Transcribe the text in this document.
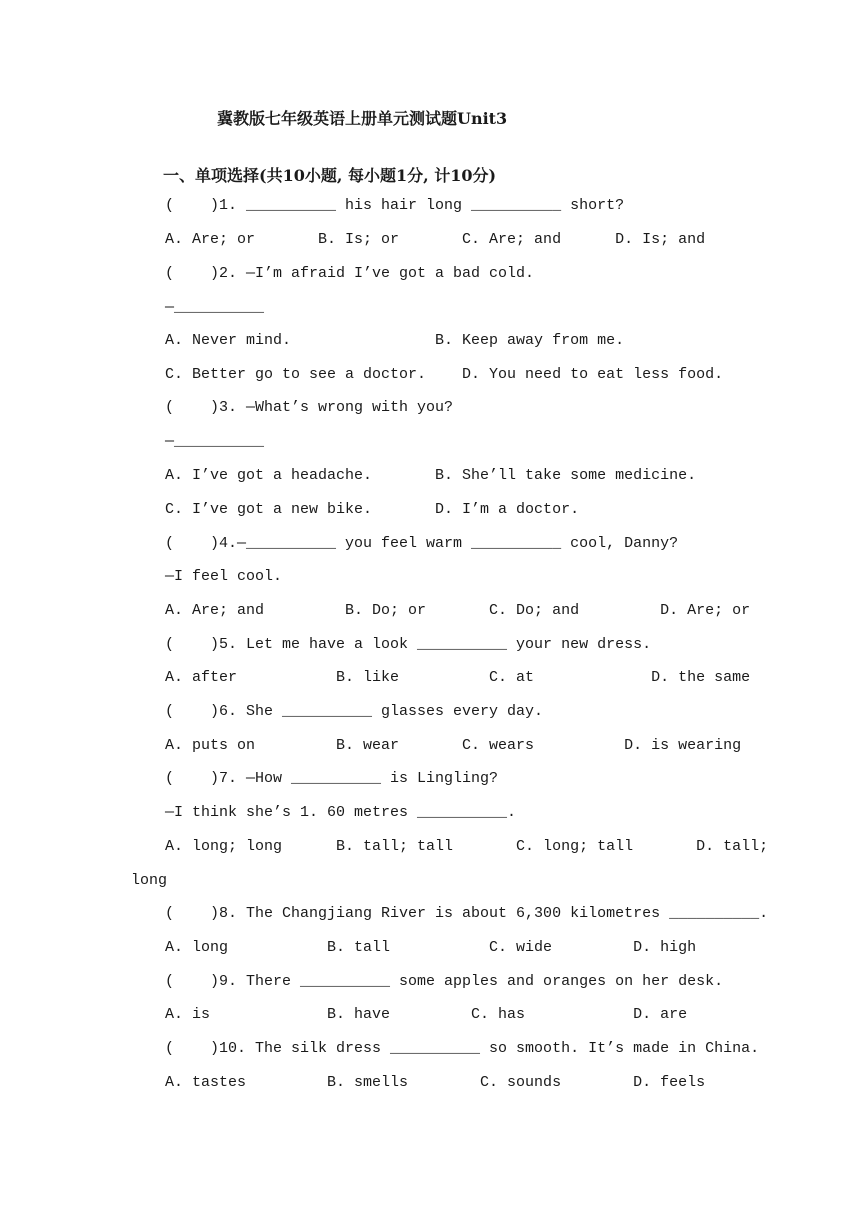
冀教版七年级英语上册单元测试题Unit3
一、单项选择(共10小题, 每小题1分, 计10分)
(    )1. __________ his hair long __________ short?
A. Are; or       B. Is; or       C. Are; and      D. Is; and
(    )2. —I’m afraid I’ve got a bad cold.
—__________
A. Never mind.                B. Keep away from me.
C. Better go to see a doctor.    D. You need to eat less food.
(    )3. —What’s wrong with you?
—__________
A. I’ve got a headache.       B. She’ll take some medicine.
C. I’ve got a new bike.       D. I’m a doctor.
(    )4.—__________ you feel warm __________ cool, Danny?
—I feel cool.
A. Are; and         B. Do; or       C. Do; and         D. Are; or
(    )5. Let me have a look __________ your new dress.
A. after           B. like          C. at             D. the same
(    )6. She __________ glasses every day.
A. puts on         B. wear       C. wears          D. is wearing
(    )7. —How __________ is Lingling?
—I think she’s 1. 60 metres __________.
A. long; long      B. tall; tall       C. long; tall       D. tall;
long
(    )8. The Changjiang River is about 6,300 kilometres __________.
A. long           B. tall           C. wide         D. high
(    )9. There __________ some apples and oranges on her desk.
A. is             B. have         C. has            D. are
(    )10. The silk dress __________ so smooth. It’s made in China.
A. tastes         B. smells        C. sounds        D. feels
